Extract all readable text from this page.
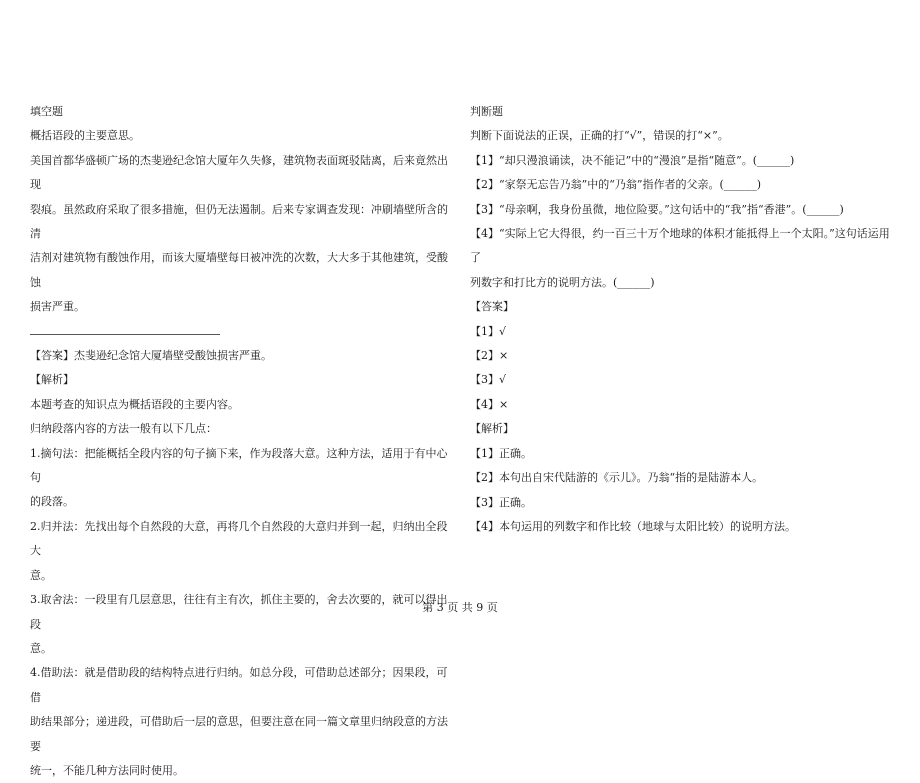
填空题

概括语段的主要意思。

美国首都华盛顿广场的杰斐逊纪念馆大厦年久失修，建筑物表面斑驳陆离，后来竟然出现

裂痕。虽然政府采取了很多措施，但仍无法遏制。后来专家调查发现：冲刷墙壁所含的清

洁剂对建筑物有酸蚀作用，而该大厦墙壁每日被冲洗的次数，大大多于其他建筑，受酸蚀

损害严重。

【答案】杰斐逊纪念馆大厦墙壁受酸蚀损害严重。

【解析】

本题考查的知识点为概括语段的主要内容。

归纳段落内容的方法一般有以下几点：

1.摘句法：把能概括全段内容的句子摘下来，作为段落大意。这种方法，适用于有中心句

的段落。

2.归并法：先找出每个自然段的大意，再将几个自然段的大意归并到一起，归纳出全段大

意。

3.取舍法：一段里有几层意思，往往有主有次，抓住主要的，舍去次要的，就可以得出段

意。

4.借助法：就是借助段的结构特点进行归纳。如总分段，可借助总述部分；因果段，可借

助结果部分；递进段，可借助后一层的意思，但要注意在同一篇文章里归纳段意的方法要

统一，不能几种方法同时使用。

判断题

判断下面说法的正误，正确的打“√”，错误的打“×”。

【1】“却只漫浪诵读，决不能记”中的“漫浪”是指“随意”。(______)

【2】“家祭无忘告乃翁”中的“乃翁”指作者的父亲。(______)

【3】“母亲啊，我身份虽微，地位险要。”这句话中的“我”指“香港”。(______)

【4】“实际上它大得很，约一百三十万个地球的体积才能抵得上一个太阳。”这句话运用了

列数字和打比方的说明方法。(______)

【答案】

【1】√

【2】×

【3】√

【4】×

【解析】

【1】正确。

【2】本句出自宋代陆游的《示儿》。乃翁“指的是陆游本人。

【3】正确。

【4】本句运用的列数字和作比较（地球与太阳比较）的说明方法。

第 3 页 共 9 页
